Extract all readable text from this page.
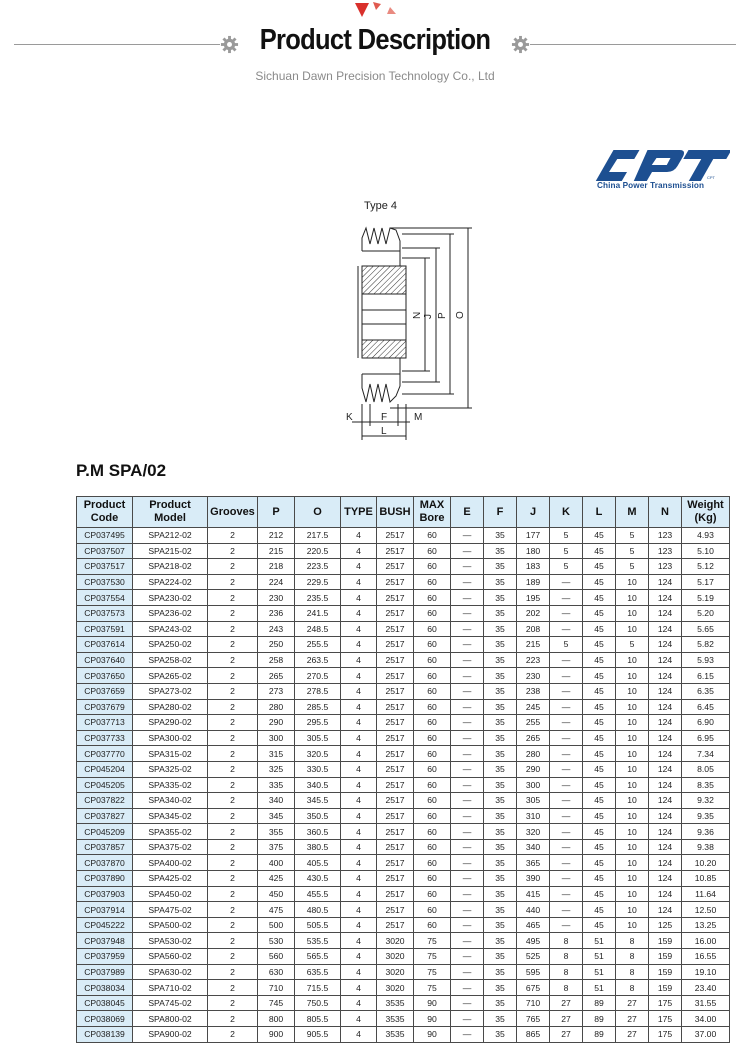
Product Description
Sichuan Dawn Precision Technology Co., Ltd
CPT
China Power Transmission
Type 4
N J P O
K	F	M
L
P.M SPA/02
Product Code	Product Model	Grooves	P	O	TYPE	BUSH	MAX Bore	E	F	J	K	L	M	N	Weight (Kg)
CP037495	SPA212-02	2	212	217.5	4	2517	60	—	35	177	5	45	5	123	4.93
CP037507	SPA215-02	2	215	220.5	4	2517	60	—	35	180	5	45	5	123	5.10
CP037517	SPA218-02	2	218	223.5	4	2517	60	—	35	183	5	45	5	123	5.12
CP037530	SPA224-02	2	224	229.5	4	2517	60	—	35	189	—	45	10	124	5.17
CP037554	SPA230-02	2	230	235.5	4	2517	60	—	35	195	—	45	10	124	5.19
CP037573	SPA236-02	2	236	241.5	4	2517	60	—	35	202	—	45	10	124	5.20
CP037591	SPA243-02	2	243	248.5	4	2517	60	—	35	208	—	45	10	124	5.65
CP037614	SPA250-02	2	250	255.5	4	2517	60	—	35	215	5	45	5	124	5.82
CP037640	SPA258-02	2	258	263.5	4	2517	60	—	35	223	—	45	10	124	5.93
CP037650	SPA265-02	2	265	270.5	4	2517	60	—	35	230	—	45	10	124	6.15
CP037659	SPA273-02	2	273	278.5	4	2517	60	—	35	238	—	45	10	124	6.35
CP037679	SPA280-02	2	280	285.5	4	2517	60	—	35	245	—	45	10	124	6.45
CP037713	SPA290-02	2	290	295.5	4	2517	60	—	35	255	—	45	10	124	6.90
CP037733	SPA300-02	2	300	305.5	4	2517	60	—	35	265	—	45	10	124	6.95
CP037770	SPA315-02	2	315	320.5	4	2517	60	—	35	280	—	45	10	124	7.34
CP045204	SPA325-02	2	325	330.5	4	2517	60	—	35	290	—	45	10	124	8.05
CP045205	SPA335-02	2	335	340.5	4	2517	60	—	35	300	—	45	10	124	8.35
CP037822	SPA340-02	2	340	345.5	4	2517	60	—	35	305	—	45	10	124	9.32
CP037827	SPA345-02	2	345	350.5	4	2517	60	—	35	310	—	45	10	124	9.35
CP045209	SPA355-02	2	355	360.5	4	2517	60	—	35	320	—	45	10	124	9.36
CP037857	SPA375-02	2	375	380.5	4	2517	60	—	35	340	—	45	10	124	9.38
CP037870	SPA400-02	2	400	405.5	4	2517	60	—	35	365	—	45	10	124	10.20
CP037890	SPA425-02	2	425	430.5	4	2517	60	—	35	390	—	45	10	124	10.85
CP037903	SPA450-02	2	450	455.5	4	2517	60	—	35	415	—	45	10	124	11.64
CP037914	SPA475-02	2	475	480.5	4	2517	60	—	35	440	—	45	10	124	12.50
CP045222	SPA500-02	2	500	505.5	4	2517	60	—	35	465	—	45	10	125	13.25
CP037948	SPA530-02	2	530	535.5	4	3020	75	—	35	495	8	51	8	159	16.00
CP037959	SPA560-02	2	560	565.5	4	3020	75	—	35	525	8	51	8	159	16.55
CP037989	SPA630-02	2	630	635.5	4	3020	75	—	35	595	8	51	8	159	19.10
CP038034	SPA710-02	2	710	715.5	4	3020	75	—	35	675	8	51	8	159	23.40
CP038045	SPA745-02	2	745	750.5	4	3535	90	—	35	710	27	89	27	175	31.55
CP038069	SPA800-02	2	800	805.5	4	3535	90	—	35	765	27	89	27	175	34.00
CP038139	SPA900-02	2	900	905.5	4	3535	90	—	35	865	27	89	27	175	37.00
